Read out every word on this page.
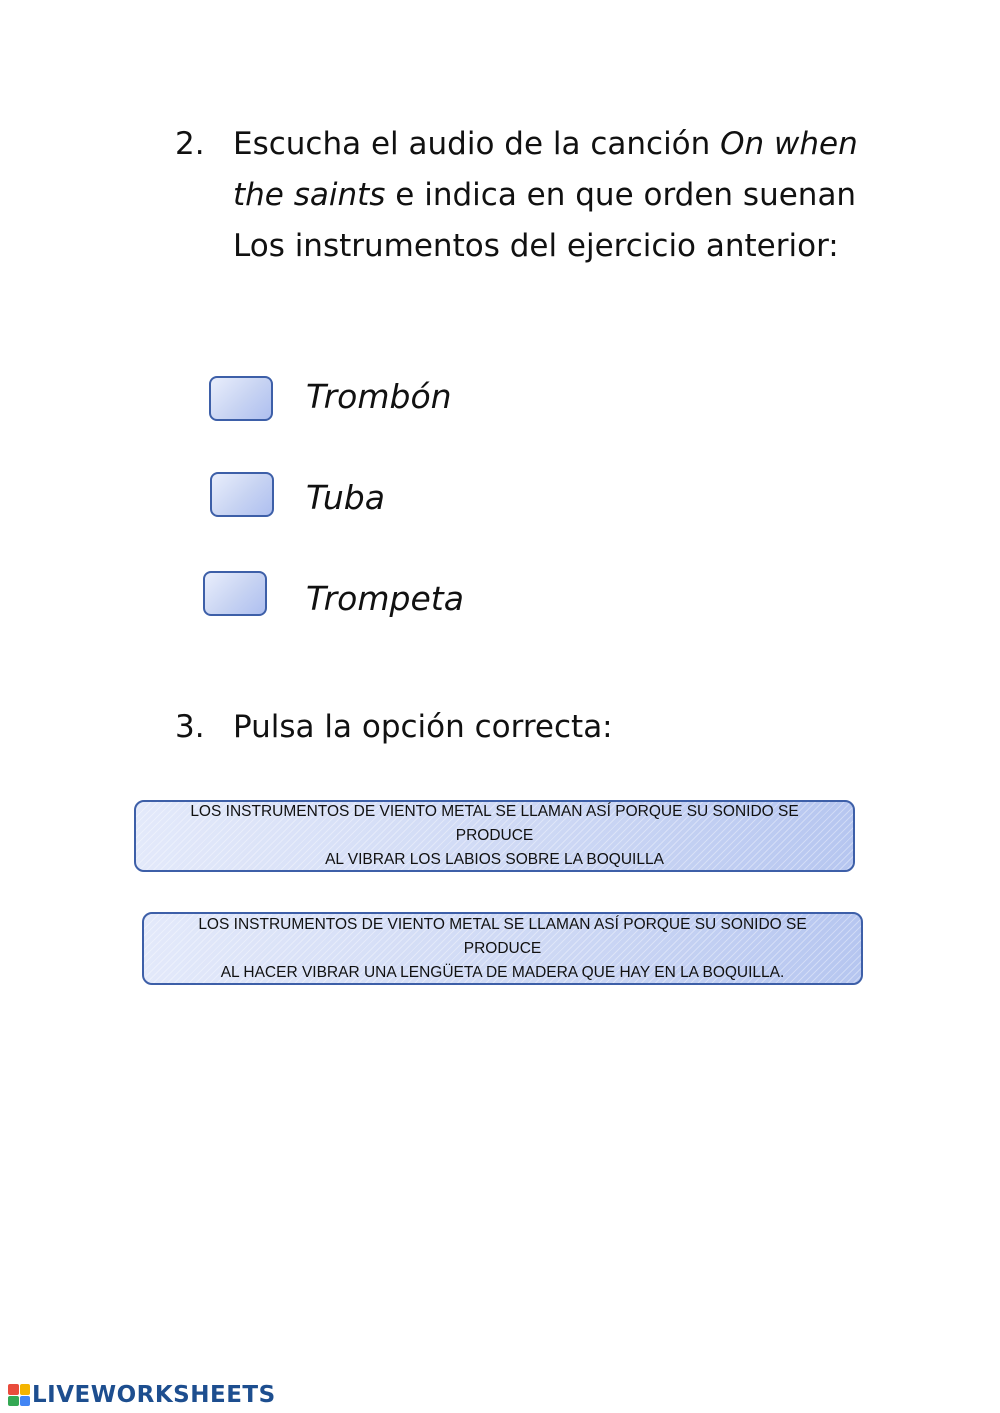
2. Escucha el audio de la canción On when
the saints e indica en que orden suenan
Los instrumentos del ejercicio anterior:
Trombón
Tuba
Trompeta
3. Pulsa la opción correcta:
LOS INSTRUMENTOS DE VIENTO METAL SE LLAMAN ASÍ PORQUE SU SONIDO SE PRODUCE
AL VIBRAR LOS LABIOS SOBRE LA BOQUILLA
LOS INSTRUMENTOS DE VIENTO METAL SE LLAMAN ASÍ PORQUE SU SONIDO SE PRODUCE
AL HACER VIBRAR UNA LENGÜETA DE MADERA QUE HAY EN LA BOQUILLA.
LIVEWORKSHEETS
